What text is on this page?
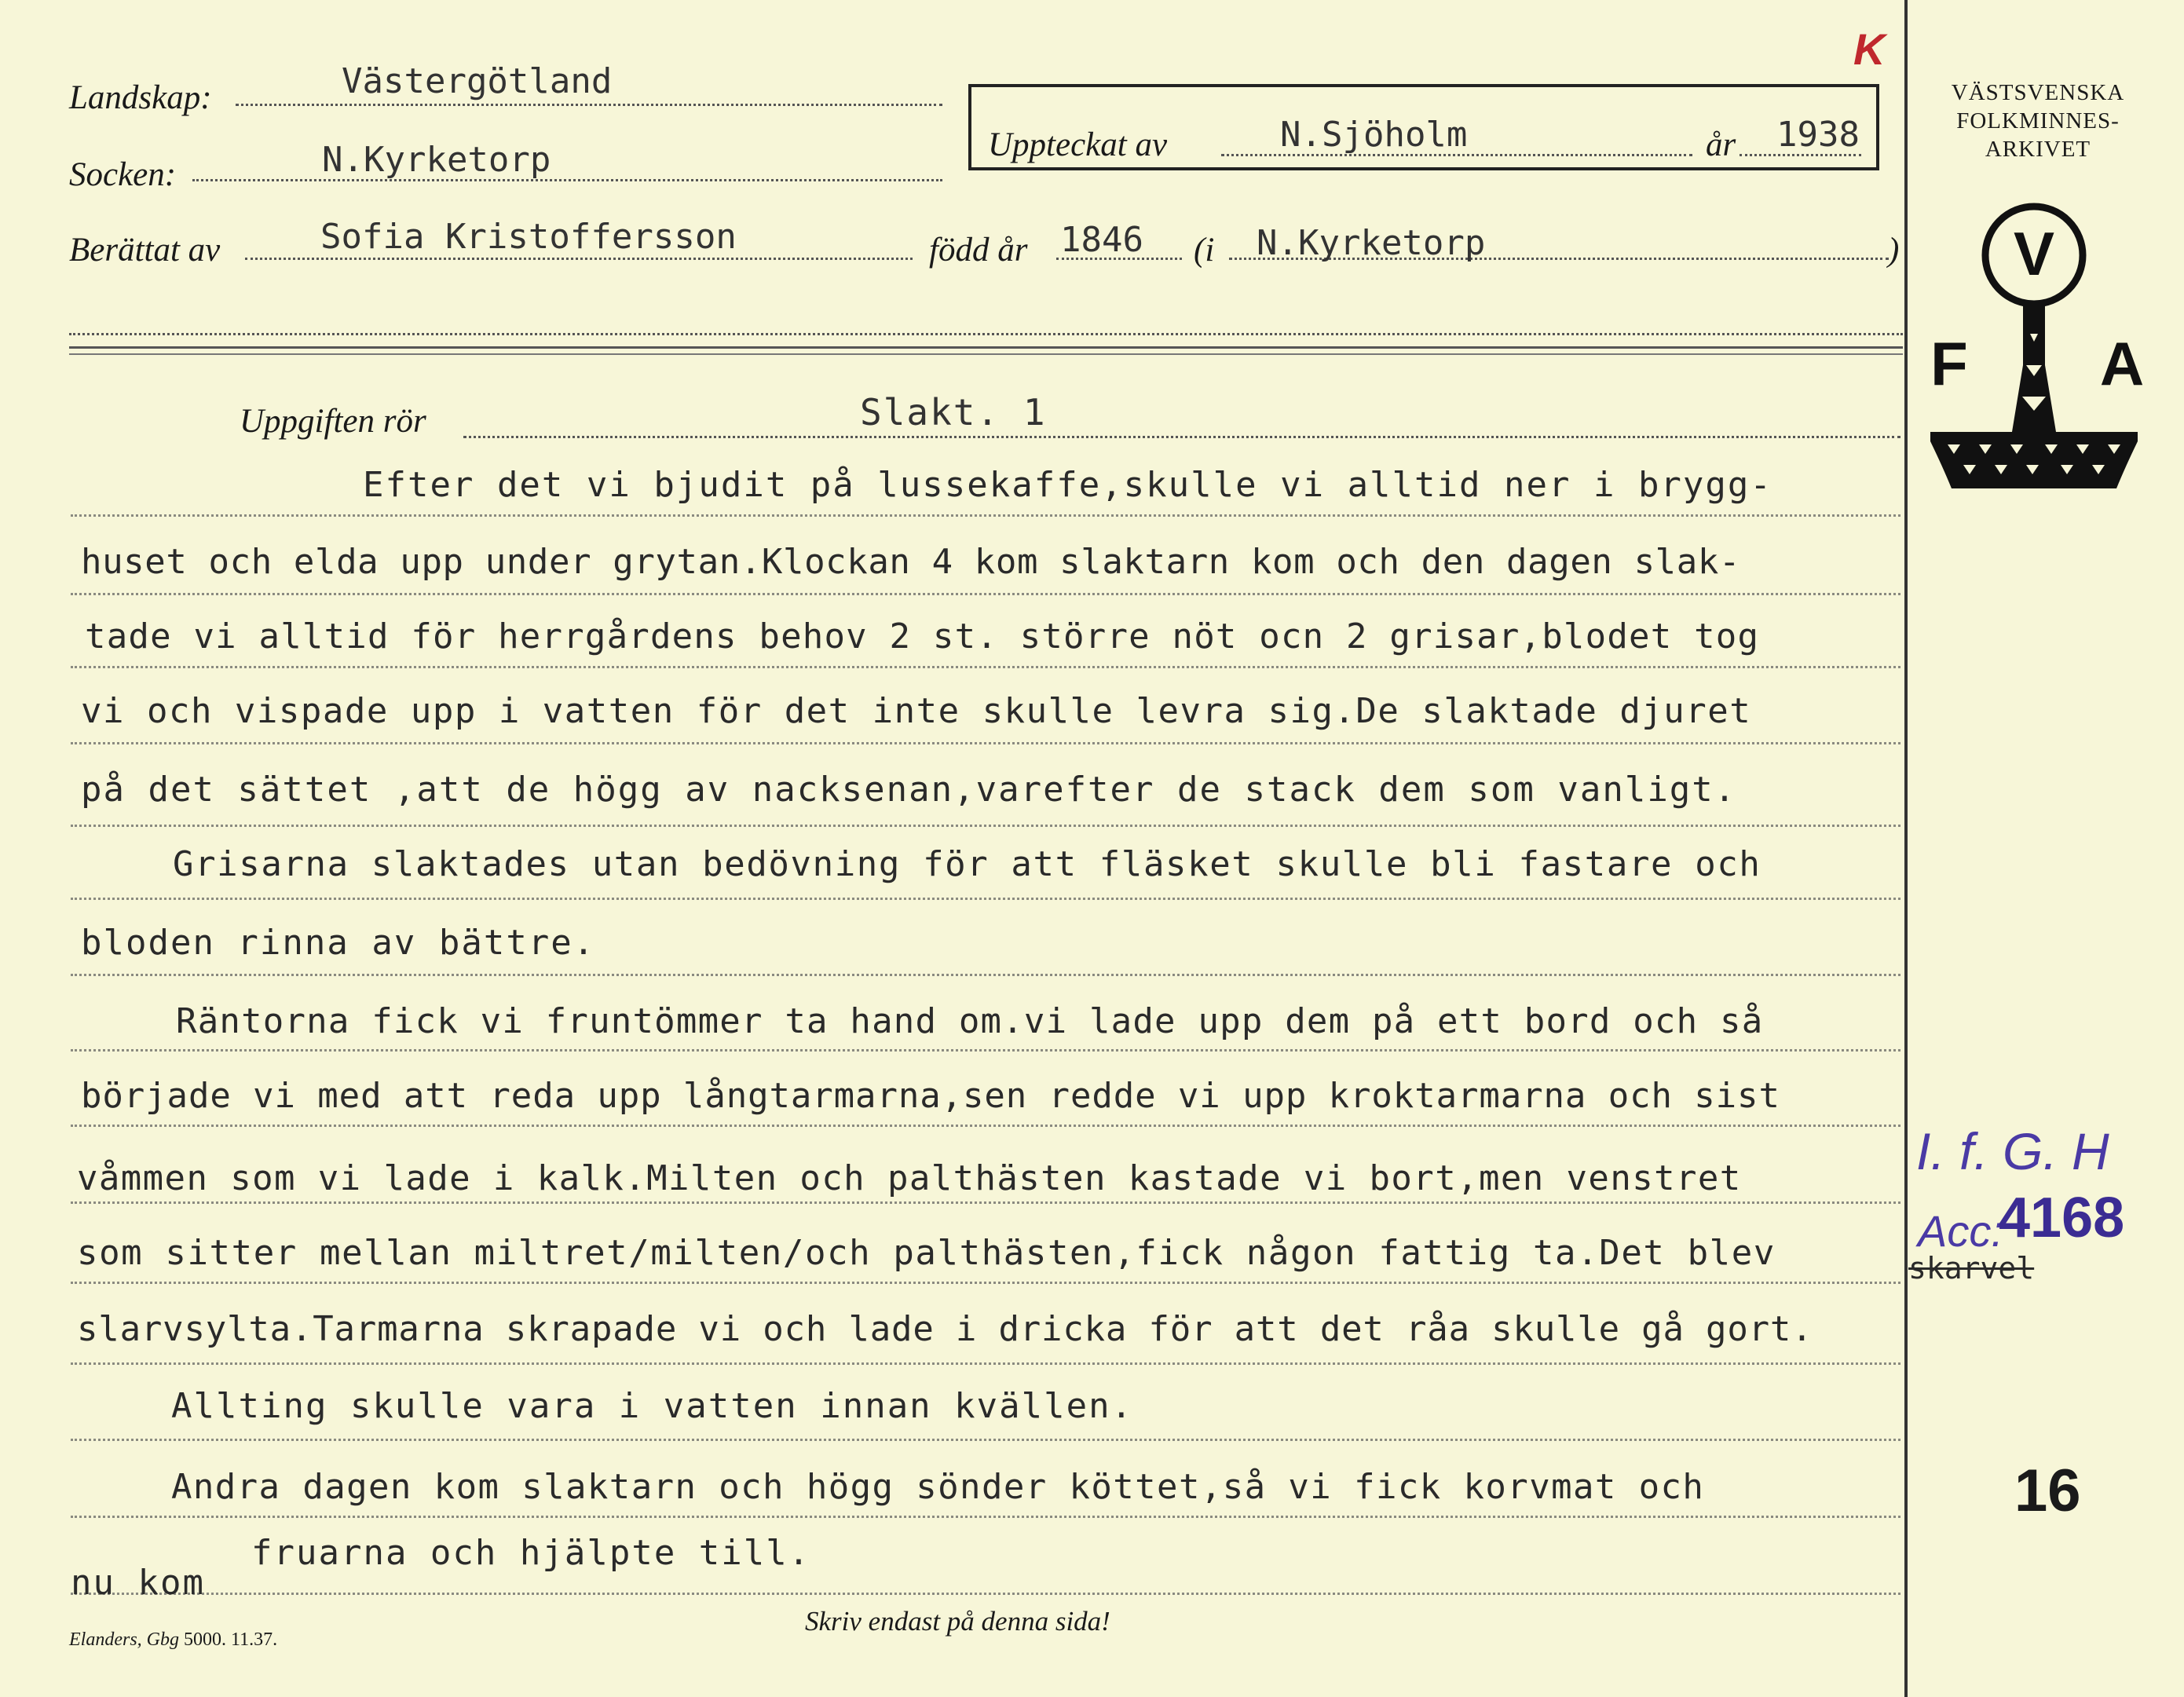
K
Landskap:	Västergötland
Socken:	N.Kyrketorp	Uppteckat av	N.Sjöholm	år 1938
Berättat av	Sofia Kristoffersson	född år 1846 (i N.Kyrketorp	)
VÄSTSVENSKA
FOLKMINNES-
ARKIVET
V
F A
Uppgiften rör	Slakt. 1
Efter det vi bjudit på lussekaffe,skulle vi alltid ner i brygg-
huset och elda upp under grytan.Klockan 4 kom slaktarn kom och den dagen slak-
tade vi alltid för herrgårdens behov 2 st. större nöt ocn 2 grisar,blodet tog
vi och vispade upp i vatten för det inte skulle levra sig.De slaktade djuret
på det sättet ,att de högg av nacksenan,varefter de stack dem som vanligt.
Grisarna slaktades utan bedövning för att fläsket skulle bli fastare och
bloden rinna av bättre.
Räntorna fick vi fruntömmer ta hand om.vi lade upp dem på ett bord och så
började vi med att reda upp långtarmarna,sen redde vi upp kroktarmarna och sist
våmmen som vi lade i kalk.Milten och palthästen kastade vi bort,men venstret
som sitter mellan miltret/milten/och palthästen,fick någon fattig ta.Det blev
slarvsylta.Tarmarna skrapade vi och lade i dricka för att det råa skulle gå gort.
Allting skulle vara i vatten innan kvällen.
Andra dagen kom slaktarn och högg sönder köttet,så vi fick korvmat och
fruarna och hjälpte till.
nu kom
skarvel
I. f. G. H
Acc:
4168
16
Elanders, Gbg 5000. 11.37.
Skriv endast på denna sida!
